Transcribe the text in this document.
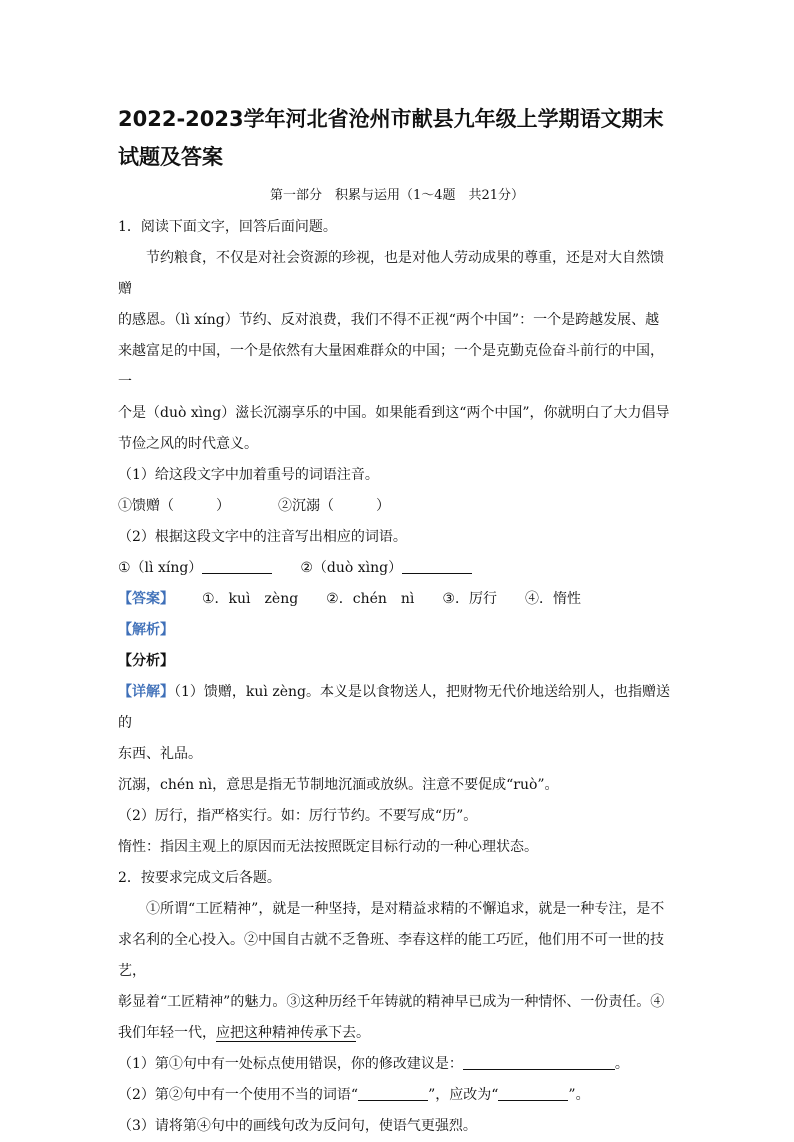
2022-2023学年河北省沧州市献县九年级上学期语文期末试题及答案
第一部分　积累与运用（1～4题　共21分）

1．阅读下面文字，回答后面问题。

节约粮食，不仅是对社会资源的珍视，也是对他人劳动成果的尊重，还是对大自然馈赠

的感恩。（lì xíng）节约、反对浪费，我们不得不正视“两个中国”：一个是跨越发展、越

来越富足的中国，一个是依然有大量困难群众的中国；一个是克勤克俭奋斗前行的中国，一

个是（duò xìng）滋长沉溺享乐的中国。如果能看到这“两个中国”，你就明白了大力倡导

节俭之风的时代意义。

（1）给这段文字中加着重号的词语注音。

①馈赠（　　　）	②沉溺（　　　）

（2）根据这段文字中的注音写出相应的词语。

①（lì xíng）	②（duò xìng）

【答案】 ①．kuì　zèng ②．chén　nì ③．厉行 ④．惰性

【解析】

【分析】

【详解】（1）馈赠，kuì zèng。本义是以食物送人，把财物无代价地送给别人，也指赠送的

东西、礼品。

沉溺，chén nì，意思是指无节制地沉湎或放纵。注意不要促成“ruò”。

（2）厉行，指严格实行。如：厉行节约。不要写成“历”。

惰性：指因主观上的原因而无法按照既定目标行动的一种心理状态。

2．按要求完成文后各题。

①所谓“工匠精神”，就是一种坚持，是对精益求精的不懈追求，就是一种专注，是不

求名利的全心投入。②中国自古就不乏鲁班、李春这样的能工巧匠，他们用不可一世的技艺，

彰显着“工匠精神”的魅力。③这种历经千年铸就的精神早已成为一种情怀、一份责任。④

我们年轻一代，应把这种精神传承下去。

（1）第①句中有一处标点使用错误，你的修改建议是：	。

（2）第②句中有一个使用不当的词语“	”，应改为“	”。

（3）请将第④句中的画线句改为反问句，使语气更强烈。
